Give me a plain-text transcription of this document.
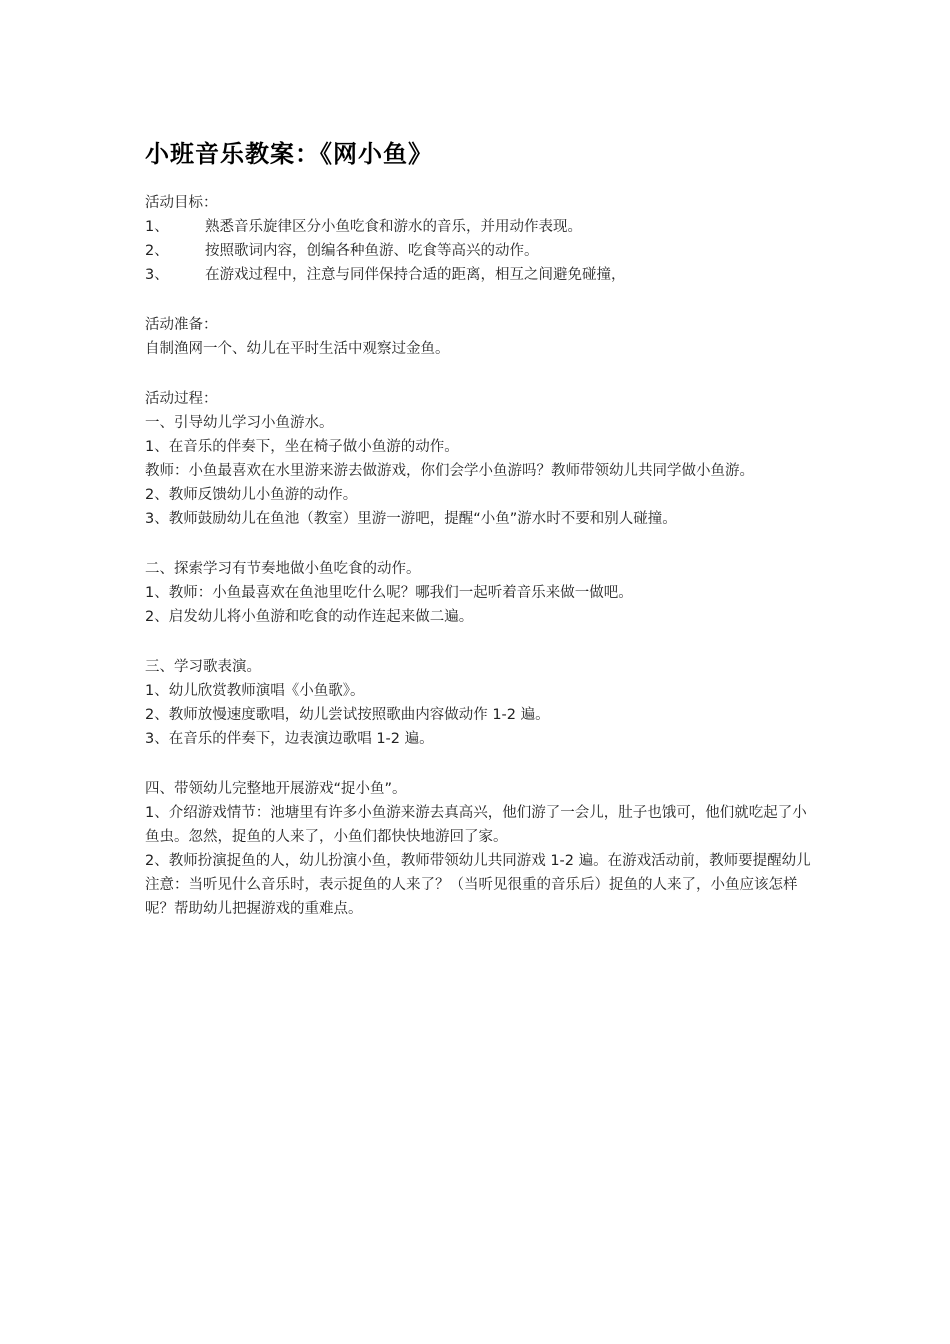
小班音乐教案：《网小鱼》
活动目标：
1、	熟悉音乐旋律区分小鱼吃食和游水的音乐，并用动作表现。
2、	按照歌词内容，创编各种鱼游、吃食等高兴的动作。
3、	在游戏过程中，注意与同伴保持合适的距离，相互之间避免碰撞，
活动准备：
自制渔网一个、幼儿在平时生活中观察过金鱼。
活动过程：
一、引导幼儿学习小鱼游水。
1、在音乐的伴奏下，坐在椅子做小鱼游的动作。
教师：小鱼最喜欢在水里游来游去做游戏，你们会学小鱼游吗？教师带领幼儿共同学做小鱼游。
2、教师反馈幼儿小鱼游的动作。
3、教师鼓励幼儿在鱼池（教室）里游一游吧，提醒“小鱼”游水时不要和别人碰撞。
二、探索学习有节奏地做小鱼吃食的动作。
1、教师：小鱼最喜欢在鱼池里吃什么呢？哪我们一起听着音乐来做一做吧。
2、启发幼儿将小鱼游和吃食的动作连起来做二遍。
三、学习歌表演。
1、幼儿欣赏教师演唱《小鱼歌》。
2、教师放慢速度歌唱，幼儿尝试按照歌曲内容做动作 1-2 遍。
3、在音乐的伴奏下，边表演边歌唱 1-2 遍。
四、带领幼儿完整地开展游戏“捉小鱼”。
1、介绍游戏情节：池塘里有许多小鱼游来游去真高兴，他们游了一会儿，肚子也饿可，他们就吃起了小鱼虫。忽然，捉鱼的人来了，小鱼们都快快地游回了家。
2、教师扮演捉鱼的人，幼儿扮演小鱼，教师带领幼儿共同游戏 1-2 遍。在游戏活动前，教师要提醒幼儿注意：当听见什么音乐时，表示捉鱼的人来了？（当听见很重的音乐后）捉鱼的人来了，小鱼应该怎样呢？帮助幼儿把握游戏的重难点。
